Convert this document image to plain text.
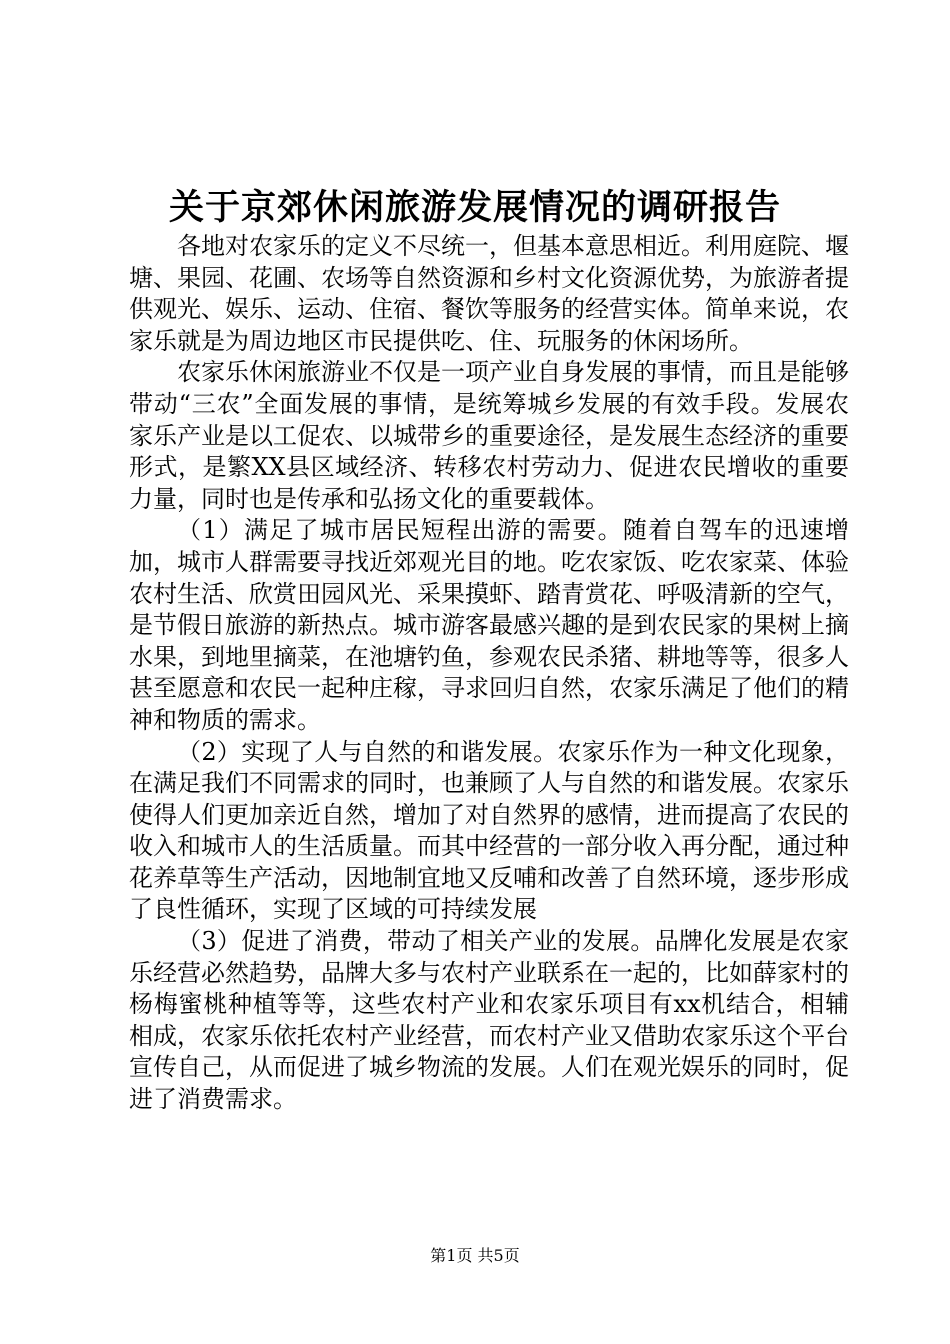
关于京郊休闲旅游发展情况的调研报告

各地对农家乐的定义不尽统一，但基本意思相近。利用庭院、堰塘、果园、花圃、农场等自然资源和乡村文化资源优势，为旅游者提供观光、娱乐、运动、住宿、餐饮等服务的经营实体。简单来说，农家乐就是为周边地区市民提供吃、住、玩服务的休闲场所。

农家乐休闲旅游业不仅是一项产业自身发展的事情，而且是能够带动“三农”全面发展的事情，是统筹城乡发展的有效手段。发展农家乐产业是以工促农、以城带乡的重要途径，是发展生态经济的重要形式，是繁XX县区域经济、转移农村劳动力、促进农民增收的重要力量，同时也是传承和弘扬文化的重要载体。

（1）满足了城市居民短程出游的需要。随着自驾车的迅速增加，城市人群需要寻找近郊观光目的地。吃农家饭、吃农家菜、体验农村生活、欣赏田园风光、采果摸虾、踏青赏花、呼吸清新的空气，是节假日旅游的新热点。城市游客最感兴趣的是到农民家的果树上摘水果，到地里摘菜，在池塘钓鱼，参观农民杀猪、耕地等等，很多人甚至愿意和农民一起种庄稼，寻求回归自然，农家乐满足了他们的精神和物质的需求。

（2）实现了人与自然的和谐发展。农家乐作为一种文化现象，在满足我们不同需求的同时，也兼顾了人与自然的和谐发展。农家乐使得人们更加亲近自然，增加了对自然界的感情，进而提高了农民的收入和城市人的生活质量。而其中经营的一部分收入再分配，通过种花养草等生产活动，因地制宜地又反哺和改善了自然环境，逐步形成了良性循环，实现了区域的可持续发展

（3）促进了消费，带动了相关产业的发展。品牌化发展是农家乐经营必然趋势，品牌大多与农村产业联系在一起的，比如薛家村的杨梅蜜桃种植等等，这些农村产业和农家乐项目有xx机结合，相辅相成，农家乐依托农村产业经营，而农村产业又借助农家乐这个平台宣传自己，从而促进了城乡物流的发展。人们在观光娱乐的同时，促进了消费需求。

第1页 共5页
